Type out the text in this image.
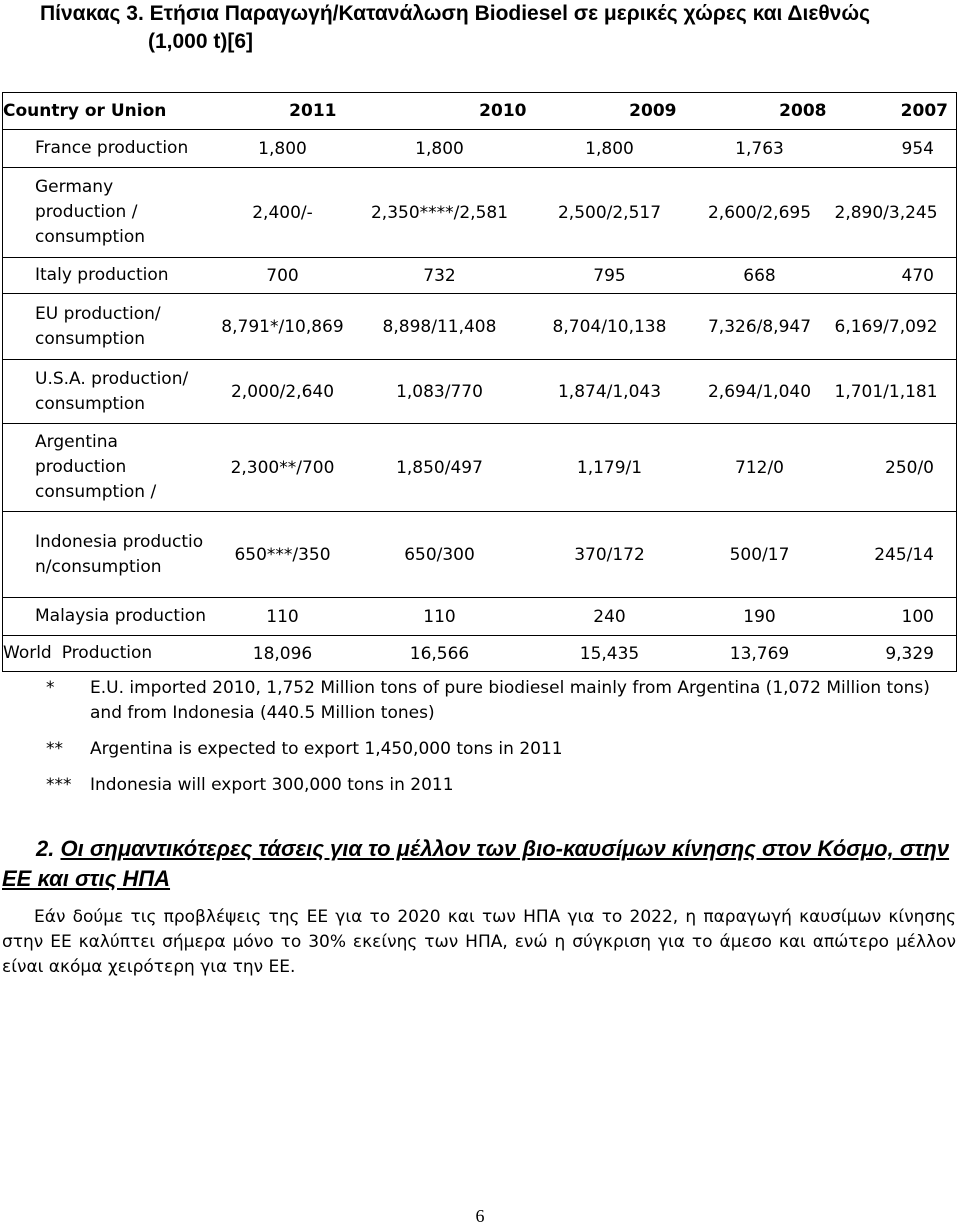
Πίνακας 3. Ετήσια Παραγωγή/Κατανάλωση Biodiesel σε μερικές χώρες και Διεθνώς
(1,000 t)[6]
Country or Union	2011	2010	2009	2008	2007
France production	1,800	1,800	1,800	1,763	954
Germany production / consumption	2,400/-	2,350****/2,581	2,500/2,517	2,600/2,695	2,890/3,245
Italy production	700	732	795	668	470
EU production/ consumption	8,791*/10,869	8,898/11,408	8,704/10,138	7,326/8,947	6,169/7,092
U.S.A. production/ consumption	2,000/2,640	1,083/770	1,874/1,043	2,694/1,040	1,701/1,181
Argentina production consumption /	2,300**/700	1,850/497	1,179/1	712/0	250/0
Indonesia production/consumption	650***/350	650/300	370/172	500/17	245/14
Malaysia production	110	110	240	190	100
World Production	18,096	16,566	15,435	13,769	9,329
*	E.U. imported 2010, 1,752 Million tons of pure biodiesel mainly from Argentina (1,072 Million tons) and from Indonesia (440.5 Million tones)
**	Argentina is expected to export 1,450,000 tons in 2011
***	Indonesia will export 300,000 tons in 2011
2. Οι σημαντικότερες τάσεις για το μέλλον των βιο-καυσίμων κίνησης στον Κόσμο, στην ΕΕ και στις ΗΠΑ
Εάν δούμε τις προβλέψεις της ΕΕ για το 2020 και των ΗΠΑ για το 2022, η παραγωγή καυσίμων κίνησης στην ΕΕ καλύπτει σήμερα μόνο το 30% εκείνης των ΗΠΑ, ενώ η σύγκριση για το άμεσο και απώτερο μέλλον είναι ακόμα χειρότερη για την ΕΕ.
6
